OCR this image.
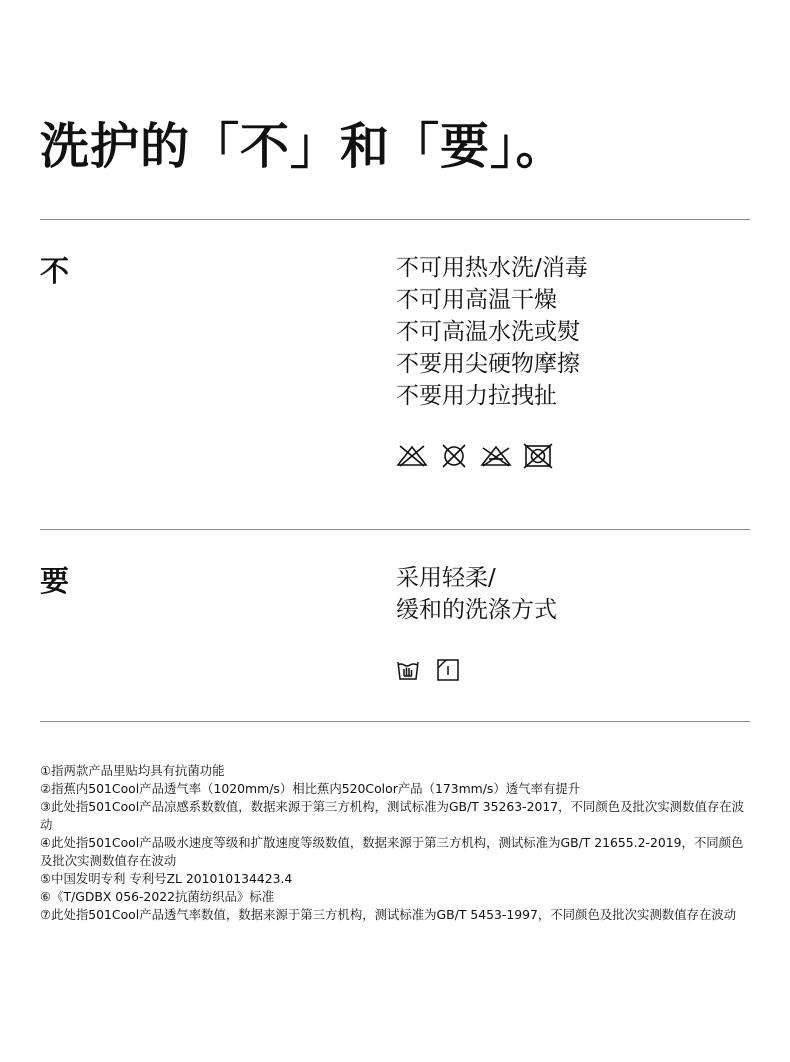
洗护的「不」和「要」。
不	不可用热水洗/消毒
不可用高温干燥
不可高温水洗或熨
不要用尖硬物摩擦
不要用力拉拽扯
要	采用轻柔/
缓和的洗涤方式
①指两款产品里贴均具有抗菌功能
②指蕉内501Cool产品透气率（1020mm/s）相比蕉内520Color产品（173mm/s）透气率有提升
③此处指501Cool产品凉感系数数值，数据来源于第三方机构，测试标准为GB/T 35263-2017，不同颜色及批次实测数值存在波动
④此处指501Cool产品吸水速度等级和扩散速度等级数值，数据来源于第三方机构，测试标准为GB/T 21655.2-2019，不同颜色及批次实测数值存在波动
⑤中国发明专利 专利号ZL 201010134423.4
⑥《T/GDBX 056-2022抗菌纺织品》标准
⑦此处指501Cool产品透气率数值，数据来源于第三方机构，测试标准为GB/T 5453-1997，不同颜色及批次实测数值存在波动
